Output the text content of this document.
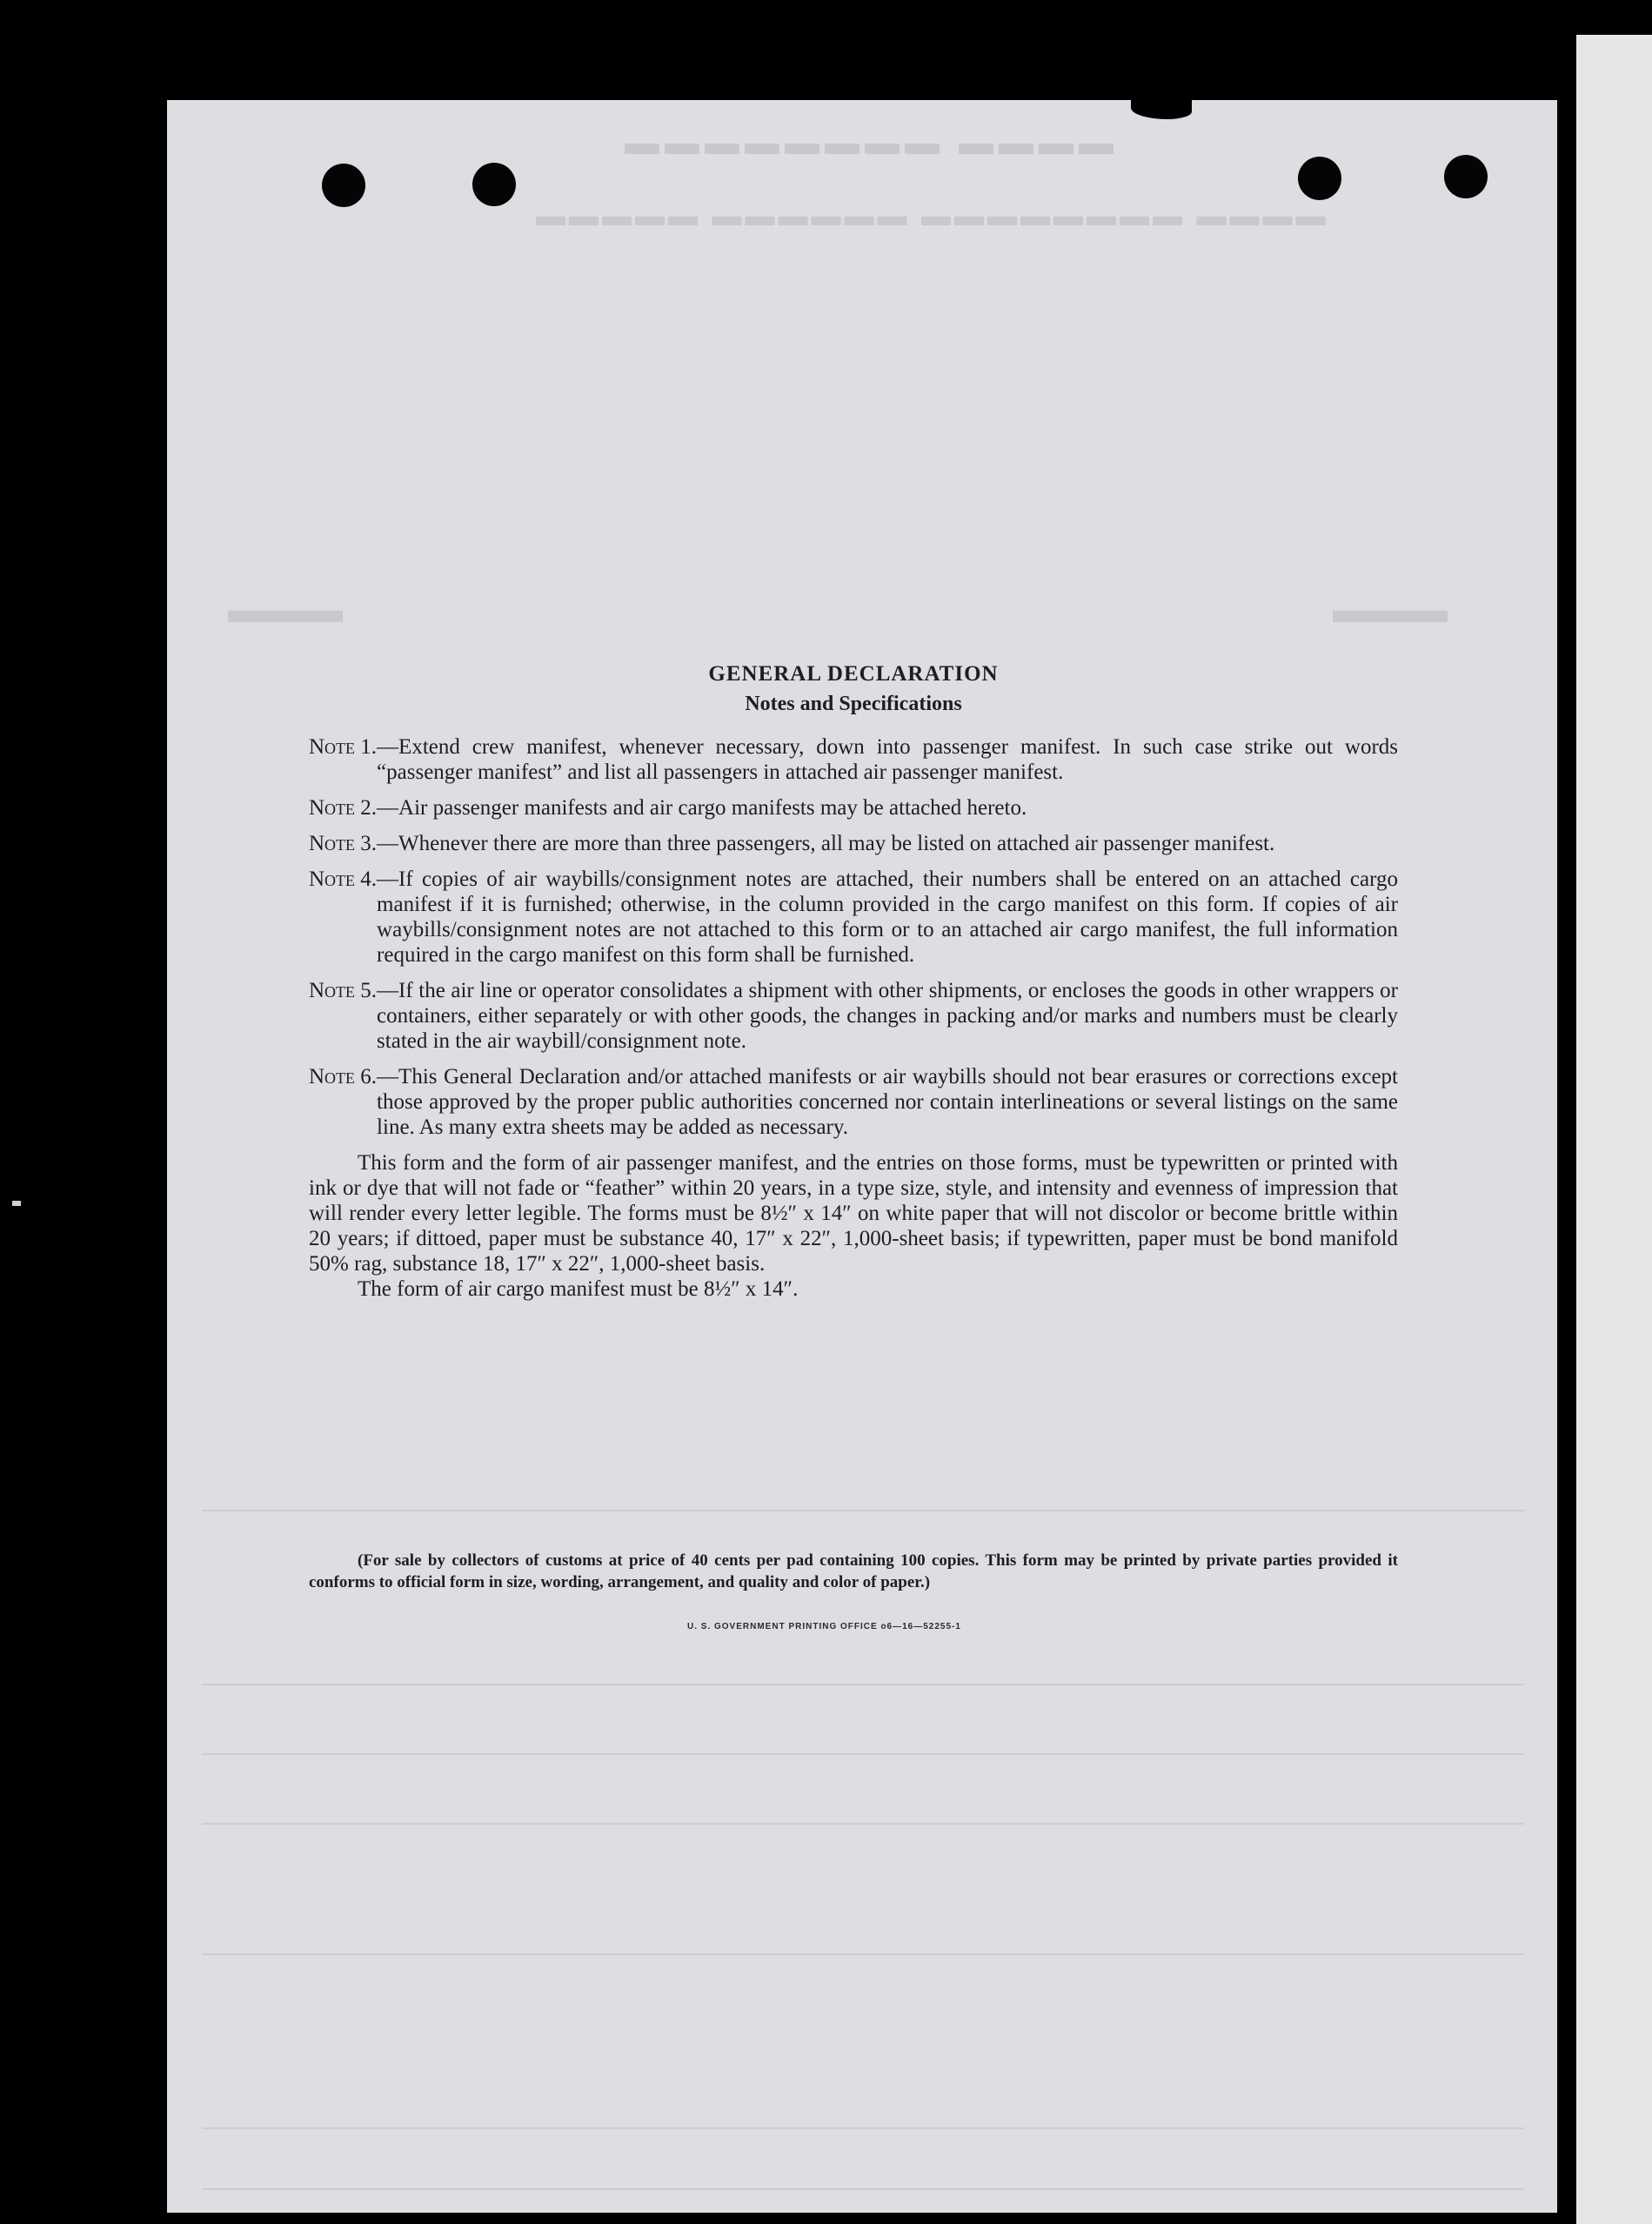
▬▬▬▬ ▬▬▬▬▬▬▬▬
▬▬▬▬ ▬▬▬▬▬▬▬▬ ▬▬▬▬▬▬ ▬▬▬▬▬
▬▬▬	▬▬▬

GENERAL DECLARATION

Notes and Specifications

Note 1. —Extend crew manifest, whenever necessary, down into passenger manifest. In such case strike out words “passenger manifest” and list all passengers in attached air passenger manifest.
Note 2. —Air passenger manifests and air cargo manifests may be attached hereto.
Note 3. —Whenever there are more than three passengers, all may be listed on attached air passenger manifest.
Note 4. —If copies of air waybills/consignment notes are attached, their numbers shall be entered on an attached cargo manifest if it is furnished; otherwise, in the column provided in the cargo manifest on this form. If copies of air waybills/consignment notes are not attached to this form or to an attached air cargo manifest, the full information required in the cargo manifest on this form shall be furnished.
Note 5. —If the air line or operator consolidates a shipment with other shipments, or encloses the goods in other wrappers or containers, either separately or with other goods, the changes in packing and/or marks and numbers must be clearly stated in the air waybill/consignment note.
Note 6. —This General Declaration and/or attached manifests or air waybills should not bear erasures or corrections except those approved by the proper public authorities concerned nor contain interlineations or several listings on the same line. As many extra sheets may be added as necessary.

This form and the form of air passenger manifest, and the entries on those forms, must be typewritten or printed with ink or dye that will not fade or “feather” within 20 years, in a type size, style, and intensity and evenness of impression that will render every letter legible. The forms must be 8½″ x 14″ on white paper that will not discolor or become brittle within 20 years; if dittoed, paper must be substance 40, 17″ x 22″, 1,000-sheet basis; if typewritten, paper must be bond manifold 50% rag, substance 18, 17″ x 22″, 1,000-sheet basis.

The form of air cargo manifest must be 8½″ x 14″.

(For sale by collectors of customs at price of 40 cents per pad containing 100 copies. This form may be printed by private parties provided it conforms to official form in size, wording, arrangement, and quality and color of paper.)
U. S. GOVERNMENT PRINTING OFFICE o6—16—52255-1
